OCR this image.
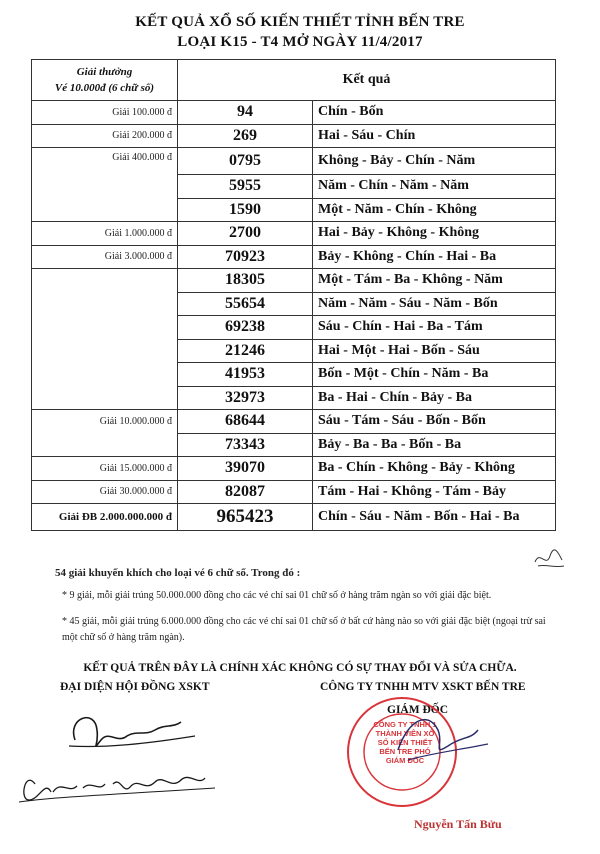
KẾT QUẢ XỔ SỐ KIẾN THIẾT TỈNH BẾN TRE
LOẠI K15 - T4 MỞ NGÀY 11/4/2017
Giải thưởng
Vé 10.000đ (6 chữ số)	Kết quả	
Giải 100.000 đ	94	Chín - Bốn
Giải 200.000 đ	269	Hai - Sáu - Chín
Giải 400.000 đ	0795	Không - Bảy - Chín - Năm
	5955	Năm - Chín - Năm - Năm
	1590	Một - Năm - Chín - Không
Giải 1.000.000 đ	2700	Hai - Bảy - Không - Không
Giải 3.000.000 đ	70923	Bảy - Không - Chín - Hai - Ba
	18305	Một - Tám - Ba - Không - Năm
	55654	Năm - Năm - Sáu - Năm - Bốn
	69238	Sáu - Chín - Hai - Ba - Tám
	21246	Hai - Một - Hai - Bốn - Sáu
	41953	Bốn - Một - Chín - Năm - Ba
	32973	Ba - Hai - Chín - Bảy - Ba
Giải 10.000.000 đ	68644	Sáu - Tám - Sáu - Bốn - Bốn
	73343	Bảy - Ba - Ba - Bốn - Ba
Giải 15.000.000 đ	39070	Ba - Chín - Không - Bảy - Không
Giải 30.000.000 đ	82087	Tám - Hai - Không - Tám - Bảy
Giải ĐB 2.000.000.000 đ	965423	Chín - Sáu - Năm - Bốn - Hai - Ba
54 giải khuyến khích cho loại vé 6 chữ số. Trong đó :
* 9 giải, mỗi giải trúng 50.000.000 đồng cho các vé chỉ sai 01 chữ số ở hàng trăm ngàn so với giải đặc biệt.
* 45 giải, mỗi giải trúng 6.000.000 đồng cho các vé chỉ sai 01 chữ số ở bất cứ hàng nào so với giải đặc biệt (ngoại trừ sai một chữ số ở hàng trăm ngàn).
KẾT QUẢ TRÊN ĐÂY LÀ CHÍNH XÁC KHÔNG CÓ SỰ THAY ĐỔI VÀ SỬA CHỮA.
ĐẠI DIỆN HỘI ĐỒNG XSKT	CÔNG TY TNHH MTV XSKT BẾN TRE
GIÁM ĐỐC
CÔNG TY TNHH 1 THÀNH VIÊN XỔ SỐ KIẾN THIẾT BẾN TRE PHÓ GIÁM ĐỐC
Nguyễn Tấn Bửu
